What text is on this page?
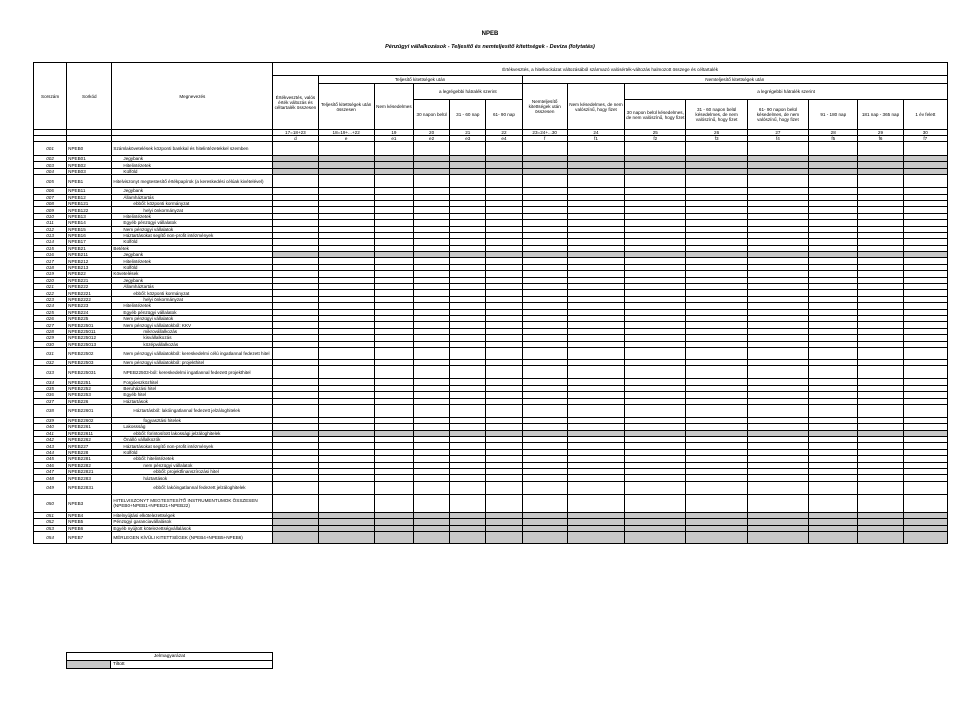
NPEB
Pénzügyi vállalkozások - Teljesítő és nemteljesítő kitettségek - Deviza (folytatás)
Sorszám	Sorkód	Megnevezés	Értékvesztés, a hitelkockázat változásából származó valósérték-változás halmozott összege és céltartalék													
			Értékvesztés, valós érték változás és céltartalék összesen	Teljesítő kitettségek után					Nemteljesítő kitettségek után							
				Teljesítő kitettségek után összesen	Nem késedelmes	a legrégebbi hátralék szerint			Nemteljesítő kitettségek után összesen	Nem késedelmes, de nem valószínű, hogy fizet	a legrégebbi hátralék szerint					
						30 napon belül	31 - 60 nap	61- 90 nap			30 napon belül késedelmes, de nem valószínű, hogy fizet	31 - 60 napon belül késedelmes, de nem valószínű, hogy fizet	61- 90 napon belül késedelmes, de nem valószínű, hogy fizet	91 - 180 nap	181 nap - 365 nap	1 év felett
			17=18+23	18=19+...+22	19	20	21	22	23=24+...30	24	25	26	27	28	29	30
			d	e	e1	e2	e3	e4	f	f1	f2	f3	f4	f5	f6	f7
001	NPEB0	Számlakövetelések központi bankkal és hitelintézetekkel szemben														
002	NPEB01	Jegybank														
003	NPEB02	Hitelintézetek														
004	NPEB03	Külföld														
005	NPEB1	Hitelviszonyt megtestesítő értékpapírok (a kereskedési célúak kivételével)														
006	NPEB11	Jegybank														
007	NPEB12	Államháztartás														
008	NPEB121	ebből: központi kormányzat														
009	NPEB122	helyi önkormányzat														
010	NPEB13	Hitelintézetek														
011	NPEB14	Egyéb pénzügyi vállalatok														
012	NPEB15	Nem pénzügyi vállalatok														
013	NPEB16	Háztartásokat segítő non-profit intézmények														
014	NPEB17	Külföld														
015	NPEB21	Betétek														
016	NPEB211	Jegybank														
017	NPEB212	Hitelintézetek														
018	NPEB213	Külföld														
019	NPEB22	Követelések														
020	NPEB221	Jegybank														
021	NPEB222	Államháztartás														
022	NPEB2221	ebből: központi kormányzat														
023	NPEB2222	helyi önkormányzat														
024	NPEB223	Hitelintézetek														
025	NPEB224	Egyéb pénzügyi vállalatok														
026	NPEB225	Nem pénzügyi vállalatok														
027	NPEB22501	Nem pénzügyi vállalatokból: KKV														
028	NPEB225011	mikrovállalkozás														
029	NPEB225012	kisvállalkozás														
030	NPEB225013	középvállalkozás														
031	NPEB22502	Nem pénzügyi vállalatokból: kereskedelmi célú ingatlannal fedezett hitel														
032	NPEB22503	Nem pénzügyi vállalatokból: projekthitel														
033	NPEB225031	NPEB22503-ból: kereskedelmi ingatlannal fedezett projekthitel														
034	NPEB2251	Forgóeszközhitel														
035	NPEB2252	Beruházási hitel														
036	NPEB2253	Egyéb hitel														
037	NPEB226	Háztartások														
038	NPEB22601	Háztartásból: lakóingatlannal fedezett jelzáloghitelek														
039	NPEB22602	fogyasztási hitelek														
040	NPEB2261	Lakossság														
041	NPEB22611	ebből: forintosított lakossági jelzáloghitelek														
042	NPEB2262	Önálló vállalkozók														
043	NPEB227	Háztartásokat segítő non-profit intézmények														
044	NPEB228	Külföld														
045	NPEB2281	ebből: hitelintézetek														
046	NPEB2282	nem pénzügyi vállalatok														
047	NPEB22821	ebből: projektfinanszírozási hitel														
048	NPEB2283	háztartások														
049	NPEB22831	ebből: lakóingatlannal fedezett jelzáloghitelek														
050	NPEB3	HITELVISZONYT MEGTESTESÍTŐ INSTRUMENTUMOK ÖSSZESEN (NPEB0+NPEB1+NPEB21+NPEB22)														
051	NPEB4	Hitelnyújtási elkötelezettségek														
052	NPEB5	Pénzügyi garanciavállalások														
053	NPEB6	Egyéb nyújtott kötelezettségvállalások														
054	NPEB7	MÉRLEGEN KÍVÜLI KITETTSÉGEK (NPEB4+NPEB5+NPEB6)														
Jelmagyarázat
	Tiltott
